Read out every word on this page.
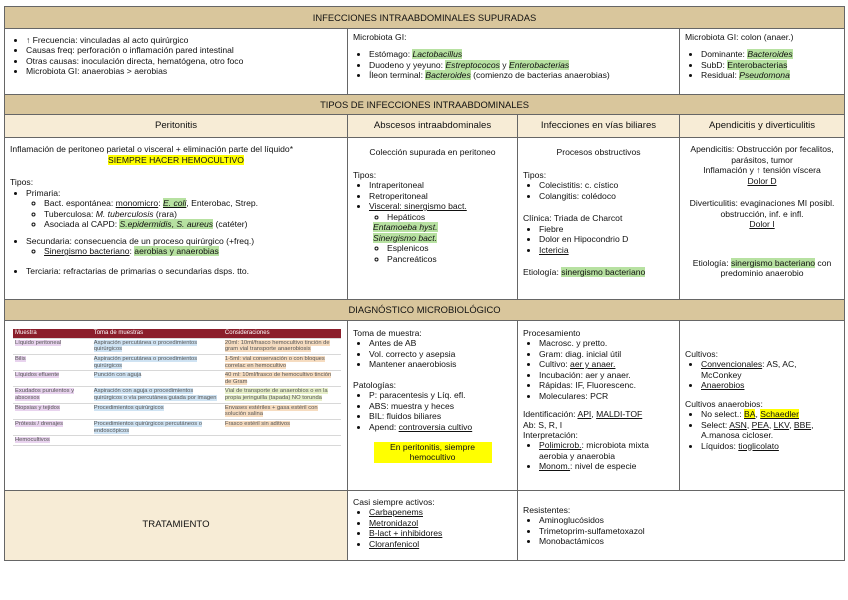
INFECCIONES INTRAABDOMINALES SUPURADAS

• ↑ Frecuencia: vinculadas al acto quirúrgico
• Causas freq: perforación o inflamación pared intestinal
• Otras causas: inoculación directa, hematógena, otro foco
• Microbiota GI: anaerobias > aerobias

Microbiota GI:
• Estómago: Lactobacillus
• Duodeno y yeyuno: Estreptococos y Enterobacterias
• Íleon terminal: Bacteroides (comienzo de bacterias anaerobias)

Microbiota GI: colon (anaer.)
• Dominante: Bacteroides
• SubD: Enterobacterias
• Residual: Pseudomona

TIPOS DE INFECCIONES INTRAABDOMINALES
Peritonitis	Abscesos intraabdominales	Infecciones en vías biliares	Apendicitis y diverticulitis

Inflamación de peritoneo parietal o visceral + eliminación parte del líquido*
SIEMPRE HACER HEMOCULTIVO
Tipos:
• Primaria:
◦ Bact. espontánea: monomicro: E. coli, Enterobac, Strep.
◦ Tuberculosa: M. tuberculosis (rara)
◦ Asociada al CAPD: S.epidermidis, S. aureus (catéter)
• Secundaria: consecuencia de un proceso quirúrgico (+freq.)
◦ Sinergismo bacteriano: aerobias y anaerobias
• Terciaria: refractarias de primarias o secundarias dsps. tto.

Colección supurada en peritoneo
Tipos:
• Intraperitoneal
• Retroperitoneal
• Visceral: sinergismo bact.
◦ Hepáticos
Entamoeba hyst.
Sinergismo bact.
◦ Esplenicos
◦ Pancreáticos

Procesos obstructivos
Tipos:
• Colecistitis: c. cístico
• Colangitis: colédoco
Clínica: Triada de Charcot
• Fiebre
• Dolor en Hipocondrio D
• Ictericia
Etiología: sinergismo bacteriano

Apendicitis: Obstrucción por fecalitos, parásitos, tumor
Inflamación y ↑ tensión víscera
Dolor D
Diverticulitis: evaginaciones MI posibl. obstrucción, inf. e infl.
Dolor I
Etiología: sinergismo bacteriano con predominio anaerobio

DIAGNÓSTICO MICROBIOLÓGICO

Muestra	Toma de muestras	Consideraciones
Líquido peritoneal	Aspiración percutánea o procedimientos quirúrgicos	20ml: 10ml/frasco hemocultivo tinción de gram vial transporte anaerobiosis
Bilis	Aspiración percutánea o procedimientos quirúrgicos	1-5ml: vial conservación o con bloques correlac en hemocultivo
Líquidos efluente	Punción con aguja	40 ml: 10ml/frasco de hemocultivo tinción de Gram
Exudados purulentos y abscesos	Aspiración con aguja o procedimientos quirúrgicos o vía percutánea guiada por imagen	Vial de transporte de anaerobios o en la propia jeringuilla (tapada) NO torunda
Biopsias y tejidos	Procedimientos quirúrgicos	Envases estériles + gasa estéril con solución salina
Prótesis / drenajes	Procedimientos quirúrgicos percutáneos o endoscópicos	Frasco estéril sin aditivos
Hemocultivos		

Toma de muestra:
• Antes de AB
• Vol. correcto y asepsia
• Mantener anaerobiosis
Patologías:
• P: paracentesis y Líq. efl.
• ABS: muestra y heces
• BIL: fluidos biliares
• Apend: controversia cultivo
En peritonitis, siempre hemocultivo

Procesamiento
• Macrosc. y pretto.
• Gram: diag. inicial útil
• Cultivo: aer y anaer.
• Incubación: aer y anaer.
• Rápidas: IF, Fluorescenc.
• Moleculares: PCR
Identificación: API, MALDI-TOF
Ab: S, R, I
Interpretación:
• Polimicrob.: microbiota mixta aerobia y anaerobia
• Monom.: nivel de especie

Cultivos:
• Convencionales: AS, AC, McConkey
• Anaerobios
Cultivos anaerobios:
• No select.: BA, Schaedler
• Select: ASN, PEA, LKV, BBE, A.manosa cicloser.
• Líquidos: tioglicolato

TRATAMIENTO	
Casi siempre activos:
• Carbapenems
• Metronidazol
• B-lact + inhibidores
• Cloranfenicol

Resistentes:
• Aminoglucósidos
• Trimetoprim-sulfametoxazol
• Monobactámicos
